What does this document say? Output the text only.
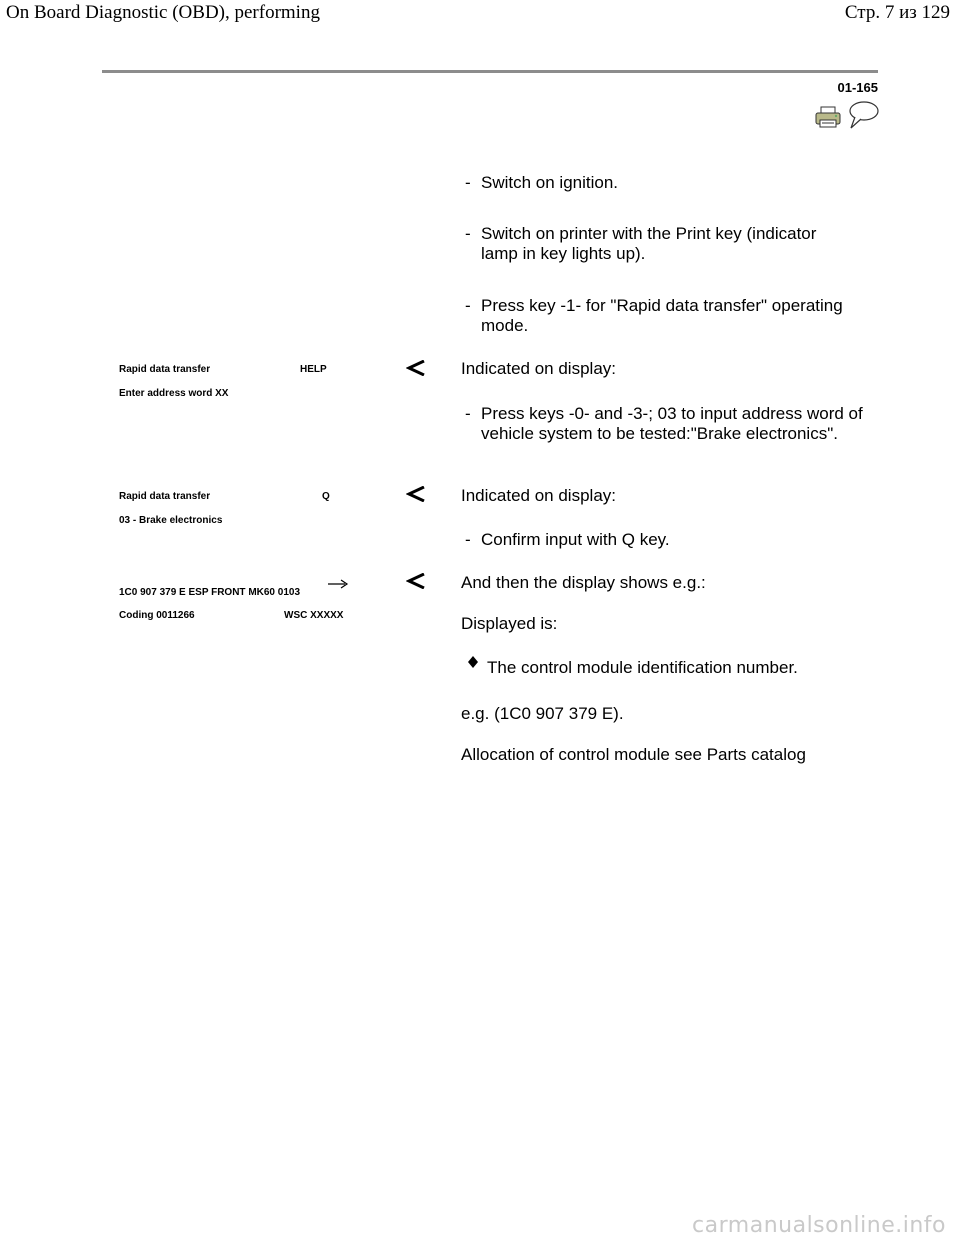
On Board Diagnostic (OBD), performing	Стр. 7 из 129
01-165
- Switch on ignition.
- Switch on printer with the Print key (indicator lamp in key lights up).
- Press key -1- for "Rapid data transfer" operating mode.
Rapid data transfer	HELP
Enter address word XX
Indicated on display:
- Press keys -0- and -3-; 03 to input address word of vehicle system to be tested:"Brake electronics".
Rapid data transfer	Q
03 - Brake electronics
Indicated on display:
- Confirm input with Q key.
1C0 907 379 E ESP FRONT MK60 0103
Coding 0011266	WSC XXXXX
And then the display shows e.g.:
Displayed is:
The control module identification number.
e.g. (1C0 907 379 E).
Allocation of control module see Parts catalog
carmanualsonline.info
